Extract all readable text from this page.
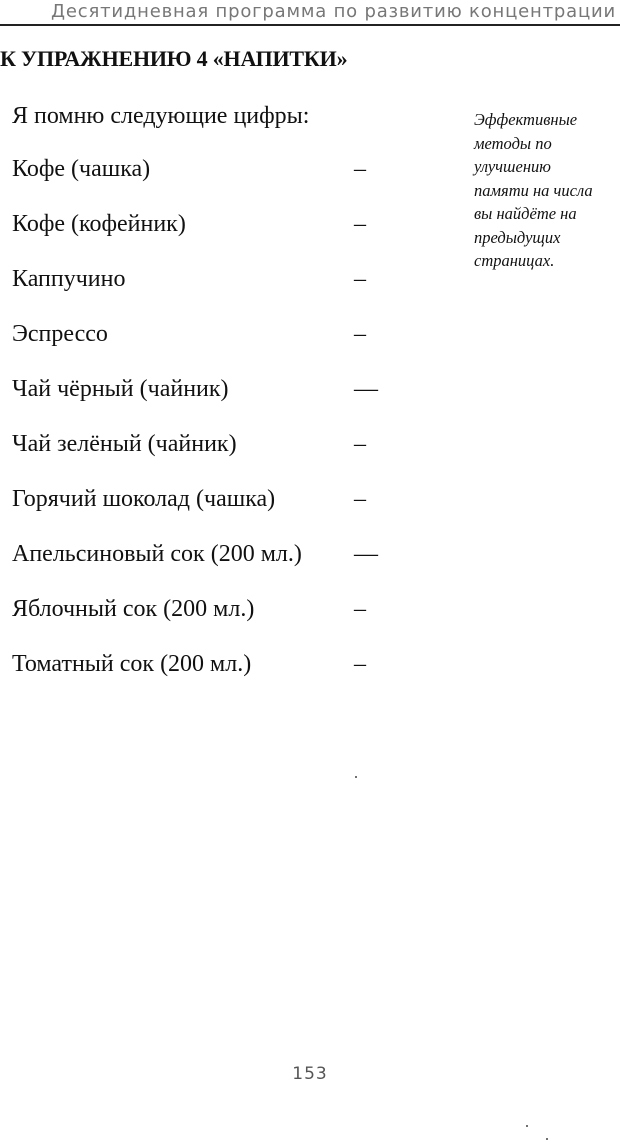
Десятидневная программа по развитию концентрации
К УПРАЖНЕНИЮ 4 «НАПИТКИ»
Я помню следующие цифры:
Кофе (чашка)	–
Кофе (кофейник)	–
Каппучино	–
Эспрессо	–
Чай чёрный (чайник)	—
Чай зелёный (чайник)	–
Горячий шоколад (чашка)	–
Апельсиновый сок (200 мл.) —
Яблочный сок (200 мл.)	–
Томатный сок (200 мл.)	–
Эффективные
методы по
улучшению
памяти на числа
вы найдёте на
предыдущих
страницах.
153
